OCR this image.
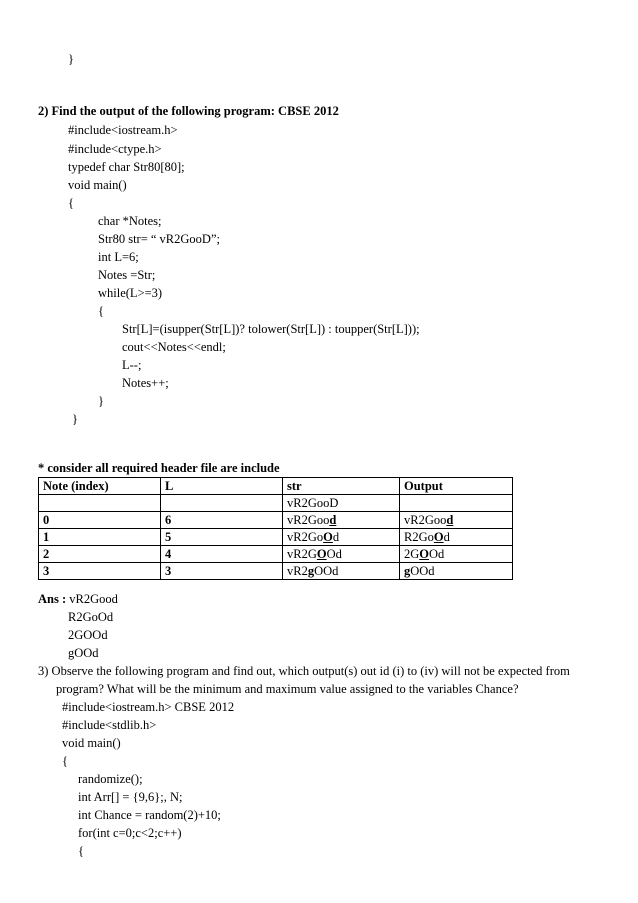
}
2) Find the output of the following program: CBSE 2012
#include<iostream.h>
#include<ctype.h>
typedef char Str80[80];
void main()
{
char *Notes;
Str80 str= “ vR2GooD”;
int L=6;
Notes =Str;
while(L>=3)
{
Str[L]=(isupper(Str[L])? tolower(Str[L]) : toupper(Str[L]));
cout<<Notes<<endl;
L--;
Notes++;
}
}
* consider all required header file are include
Note (index)	L	str	Output
		vR2GooD	
0	6	vR2Good	vR2Good
1	5	vR2GoOd	R2GoOd
2	4	vR2GOOd	2GOOd
3	3	vR2gOOd	gOOd
Ans : vR2Good
R2GoOd
2GOOd
gOOd
3) Observe the following program and find out, which output(s) out id (i) to (iv) will not be expected from
program? What will be the minimum and maximum value assigned to the variables Chance?
#include<iostream.h> CBSE 2012
#include<stdlib.h>
void main()
{
randomize();
int Arr[] = {9,6};, N;
int Chance = random(2)+10;
for(int c=0;c<2;c++)
{
